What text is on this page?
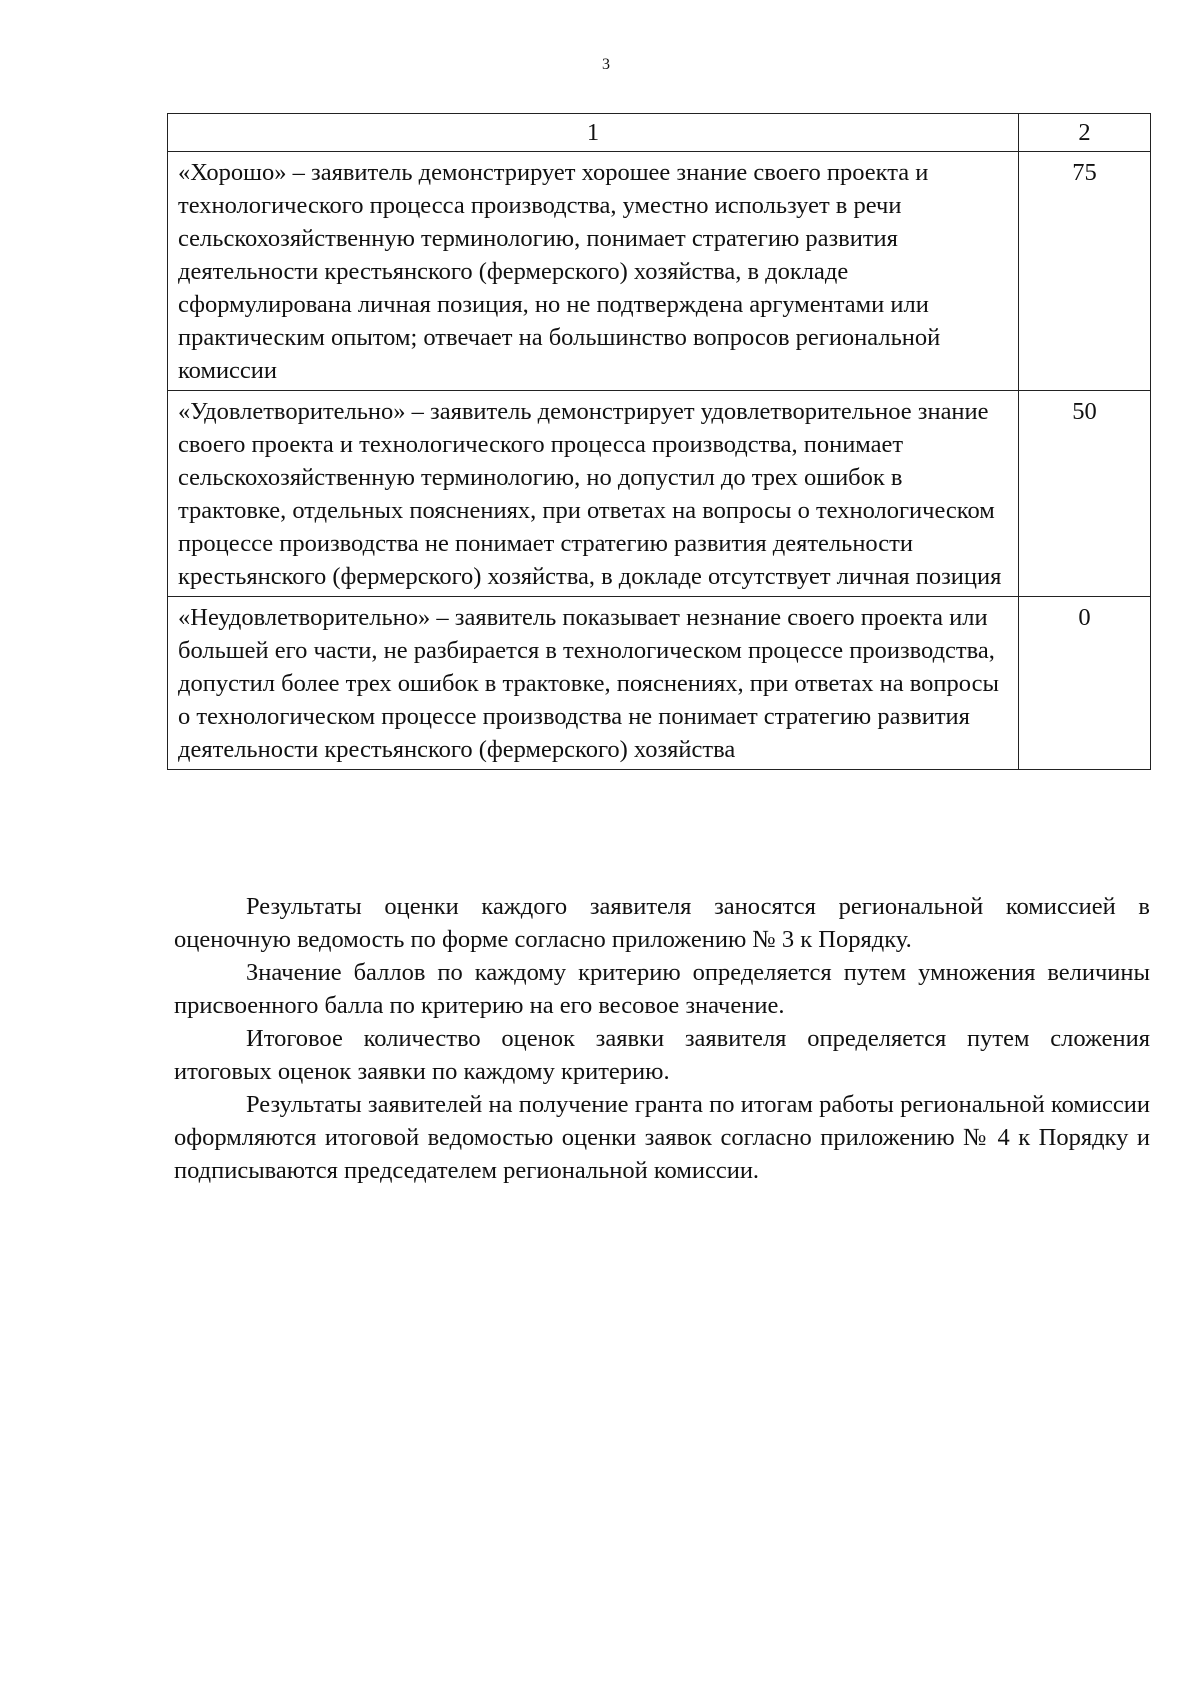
3
1	2
«Хорошо» – заявитель демонстрирует хорошее знание своего проекта и технологического процесса производства, уместно использует в речи сельскохозяйственную терминологию, понимает стратегию развития деятельности крестьянского (фермерского) хозяйства, в докладе сформулирована личная позиция, но не подтверждена аргументами или практическим опытом; отвечает на большинство вопросов региональной комиссии	75
«Удовлетворительно» – заявитель демонстрирует удовлетворительное знание своего проекта и технологического процесса производства, понимает сельскохозяйственную терминологию, но допустил до трех ошибок в трактовке, отдельных пояснениях, при ответах на вопросы о технологическом процессе производства не понимает стратегию развития деятельности крестьянского (фермерского) хозяйства, в докладе отсутствует личная позиция	50
«Неудовлетворительно» – заявитель показывает незнание своего проекта или большей его части, не разбирается в технологическом процессе производства, допустил более трех ошибок в трактовке, пояснениях, при ответах на вопросы о технологическом процессе производства не понимает стратегию развития деятельности крестьянского (фермерского) хозяйства	0

Результаты оценки каждого заявителя заносятся региональной комиссией в оценочную ведомость по форме согласно приложению № 3 к Порядку.

Значение баллов по каждому критерию определяется путем умножения величины присвоенного балла по критерию на его весовое значение.

Итоговое количество оценок заявки заявителя определяется путем сложения итоговых оценок заявки по каждому критерию.

Результаты заявителей на получение гранта по итогам работы региональной комиссии оформляются итоговой ведомостью оценки заявок согласно приложению № 4 к Порядку и подписываются председателем региональной комиссии.
